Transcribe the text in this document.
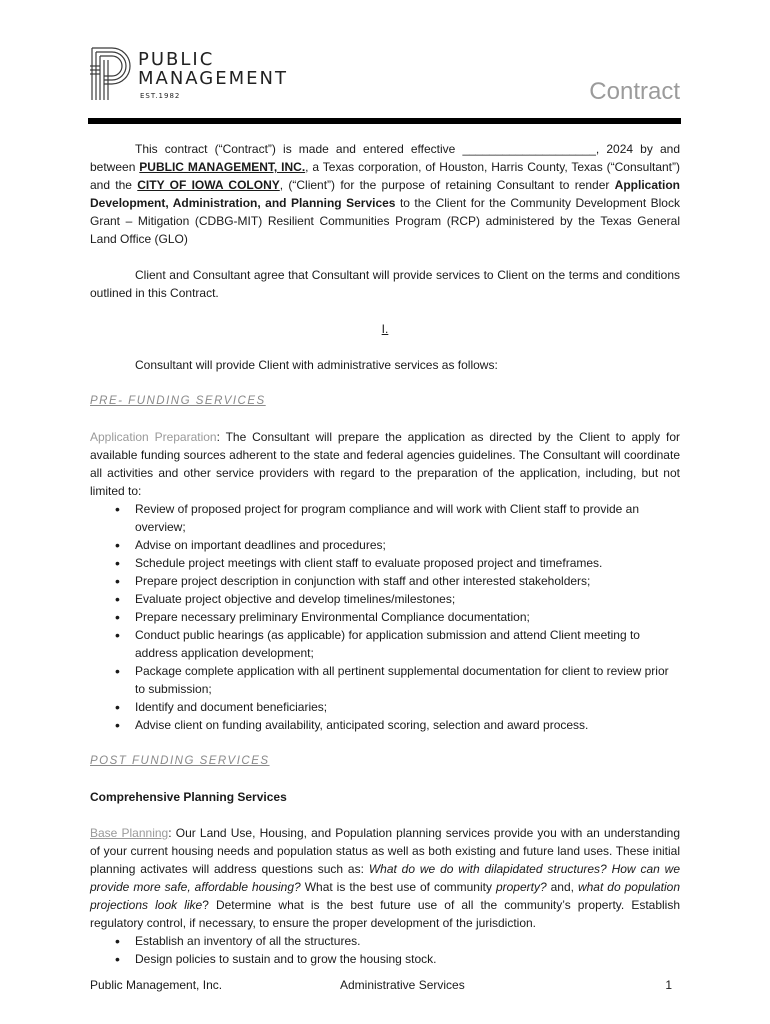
PUBLIC
MANAGEMENT
EST.1982	Contract

This contract (“Contract”) is made and entered effective ____________________, 2024 by and between PUBLIC MANAGEMENT, INC., a Texas corporation, of Houston, Harris County, Texas (“Consultant”) and the CITY OF IOWA COLONY, (“Client”) for the purpose of retaining Consultant to render Application Development, Administration, and Planning Services to the Client for the Community Development Block Grant – Mitigation (CDBG-MIT) Resilient Communities Program (RCP) administered by the Texas General Land Office (GLO)

Client and Consultant agree that Consultant will provide services to Client on the terms and conditions outlined in this Contract.

I.

Consultant will provide Client with administrative services as follows:

PRE- FUNDING SERVICES

Application Preparation: The Consultant will prepare the application as directed by the Client to apply for available funding sources adherent to the state and federal agencies guidelines. The Consultant will coordinate all activities and other service providers with regard to the preparation of the application, including, but not limited to:

• Review of proposed project for program compliance and will work with Client staff to provide an overview;
• Advise on important deadlines and procedures;
• Schedule project meetings with client staff to evaluate proposed project and timeframes.
• Prepare project description in conjunction with staff and other interested stakeholders;
• Evaluate project objective and develop timelines/milestones;
• Prepare necessary preliminary Environmental Compliance documentation;
• Conduct public hearings (as applicable) for application submission and attend Client meeting to address application development;
• Package complete application with all pertinent supplemental documentation for client to review prior to submission;
• Identify and document beneficiaries;
• Advise client on funding availability, anticipated scoring, selection and award process.

POST FUNDING SERVICES

Comprehensive Planning Services

Base Planning: Our Land Use, Housing, and Population planning services provide you with an understanding of your current housing needs and population status as well as both existing and future land uses. These initial planning activates will address questions such as: What do we do with dilapidated structures? How can we provide more safe, affordable housing? What is the best use of community property? and, what do population projections look like? Determine what is the best future use of all the community’s property. Establish regulatory control, if necessary, to ensure the proper development of the jurisdiction.

• Establish an inventory of all the structures.
• Design policies to sustain and to grow the housing stock.
Public Management, Inc.	Administrative Services	1
